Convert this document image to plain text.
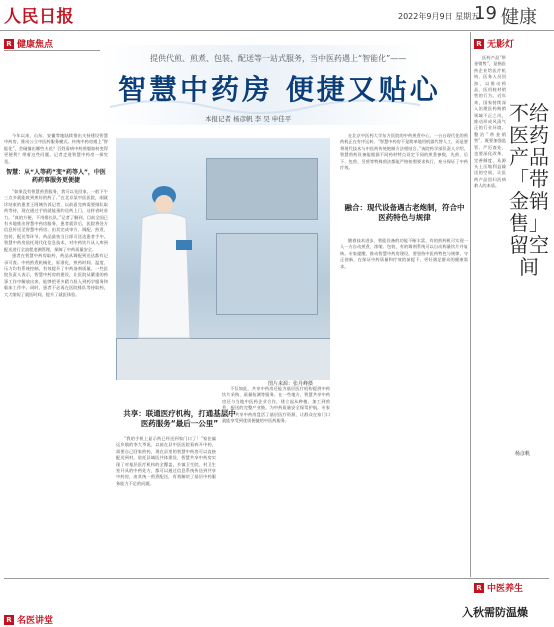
人民日报	2022年9月9日 星期五
19 健康
R 健康焦点
提供代煎、煎煮、包装、配送等一站式服务，当中医药遇上“智能化”——
智慧中药房 便捷又贴心
本报记者 杨彦帆 李 昊 申佳平

今年以来，山东、安徽等地陆续推出支持建设智慧中药房，推动公立中医药服务模式。传统中药房遇上“智能化”，会碰撞出哪些火花？百姓看病中药煎服如何变得更便利？带着这些问题，记者走进智慧中药房一探究竟。

智慧：从“人等药”变“药等人”，中医药药事服务更便捷

“如果没有智慧煎煮服务，我可以先回家，一般下午三点多就能收到煎好的药了。”在北京某中医医院，刚就诊结束的患者王阿姨告诉记者，以前看完病需要排队取药等待，现在通过手机就能预约送药上门，这样省时省力。“真的方便，不用排长队。”记者了解到，目前全国已有多地推出智慧中药房服务，患者就诊后，医院将处方信息传送至智慧中药房，由其完成审方、调配、煎煮、包装、配送等环节，药品最快当日即可送达患者手中。智慧中药房依托现代化信息技术，对中药饮片从入库到配送进行全流程追溯管理，保障了中药质量安全。

患者在智慧中药房取药，药品从调配到送达都有记录可查。中药煎煮机械化、标准化，煎药时间、温度、压力均有系统控制，有效提升了中药汤剂质量。一些医院负责人表示，智慧中药房的建设，让医院从繁重的药事工作中解放出来，能够把更多精力投入到药学服务和临床工作中。同时，患者不必再在医院排队等待取药，大大缩短了就医时间，提升了就医体验。

图片来源：张丹峰摄
共享：联通医疗机构，打通基层中医药服务“最后一公里”

“我的手机上显示药已经送到家门口了！”家住偏远乡镇的李大爷说，以前在县中医医院看病开中药，需要自己回家煎药，现在县里的智慧中药房可以直接配送到村。依托县域医共体建设，智慧共享中药房实现了对基层医疗机构的全覆盖，乡镇卫生院、村卫生室开具的中药处方，都可以通过信息系统传送到共享中药房，由其统一煎煮配送，有效解决了基层中药服务能力不足的问题。

不仅如此，共享中药房还能为基层医疗机构提供中药饮片采购、质量检测等服务。在一些地方，智慧共享中药房还与当地中医药企业合作，建立起从种植、加工到煎煮、配送的完整产业链，为中药质量安全保驾护航。专家表示，共享中药房盘活了基层医疗资源，让群众在家门口就能享受到优质便捷的中医药服务。

在北京中医药大学东方医院的中药煎煮中心，一台台现代化的煎药机正在有序运转。“智慧中药房不是简单地用机器代替人工，而是要将现代技术与中医药传统炮制方法相结合。”该院药学部负责人介绍，智慧煎药设备能根据不同药材特点设定不同的煎煮参数，先煎、后下、包煎、另煎等特殊煎法都能严格按照要求执行，充分保证了中药疗效。

融合：现代设备遇古老炮制，符合中医药特色与规律

随着技术进步，智能设备的功能不断丰富，有的煎药机可实现一人一方自动煎煮、浓缩、包装，有的调剂系统可以自动称量饮片并复核。专家提醒，推动智慧中药房建设，要坚持中医药特色与规律，守正创新，在保证中药质量和疗效的前提下，更好满足群众的健康需求。

R 无影灯
不给医药产品「带金销售」留空间

医药产品“带金销售”，是指医药企业给医疗机构、医务人员回扣，以推动药品、医用耗材销售的行为。近年来，国家持续深入治理医药购销领域不正之风，推动形成风清气正的行业环境。整治“带金销售”，既要加强监管、严厉查处，也要深化改革、完善制度，从源头上压缩利益输送的空间，让医药产品回归治病救人的本质。

杨彦帆
R 中医养生
入秋需防温燥
R 名医讲堂
